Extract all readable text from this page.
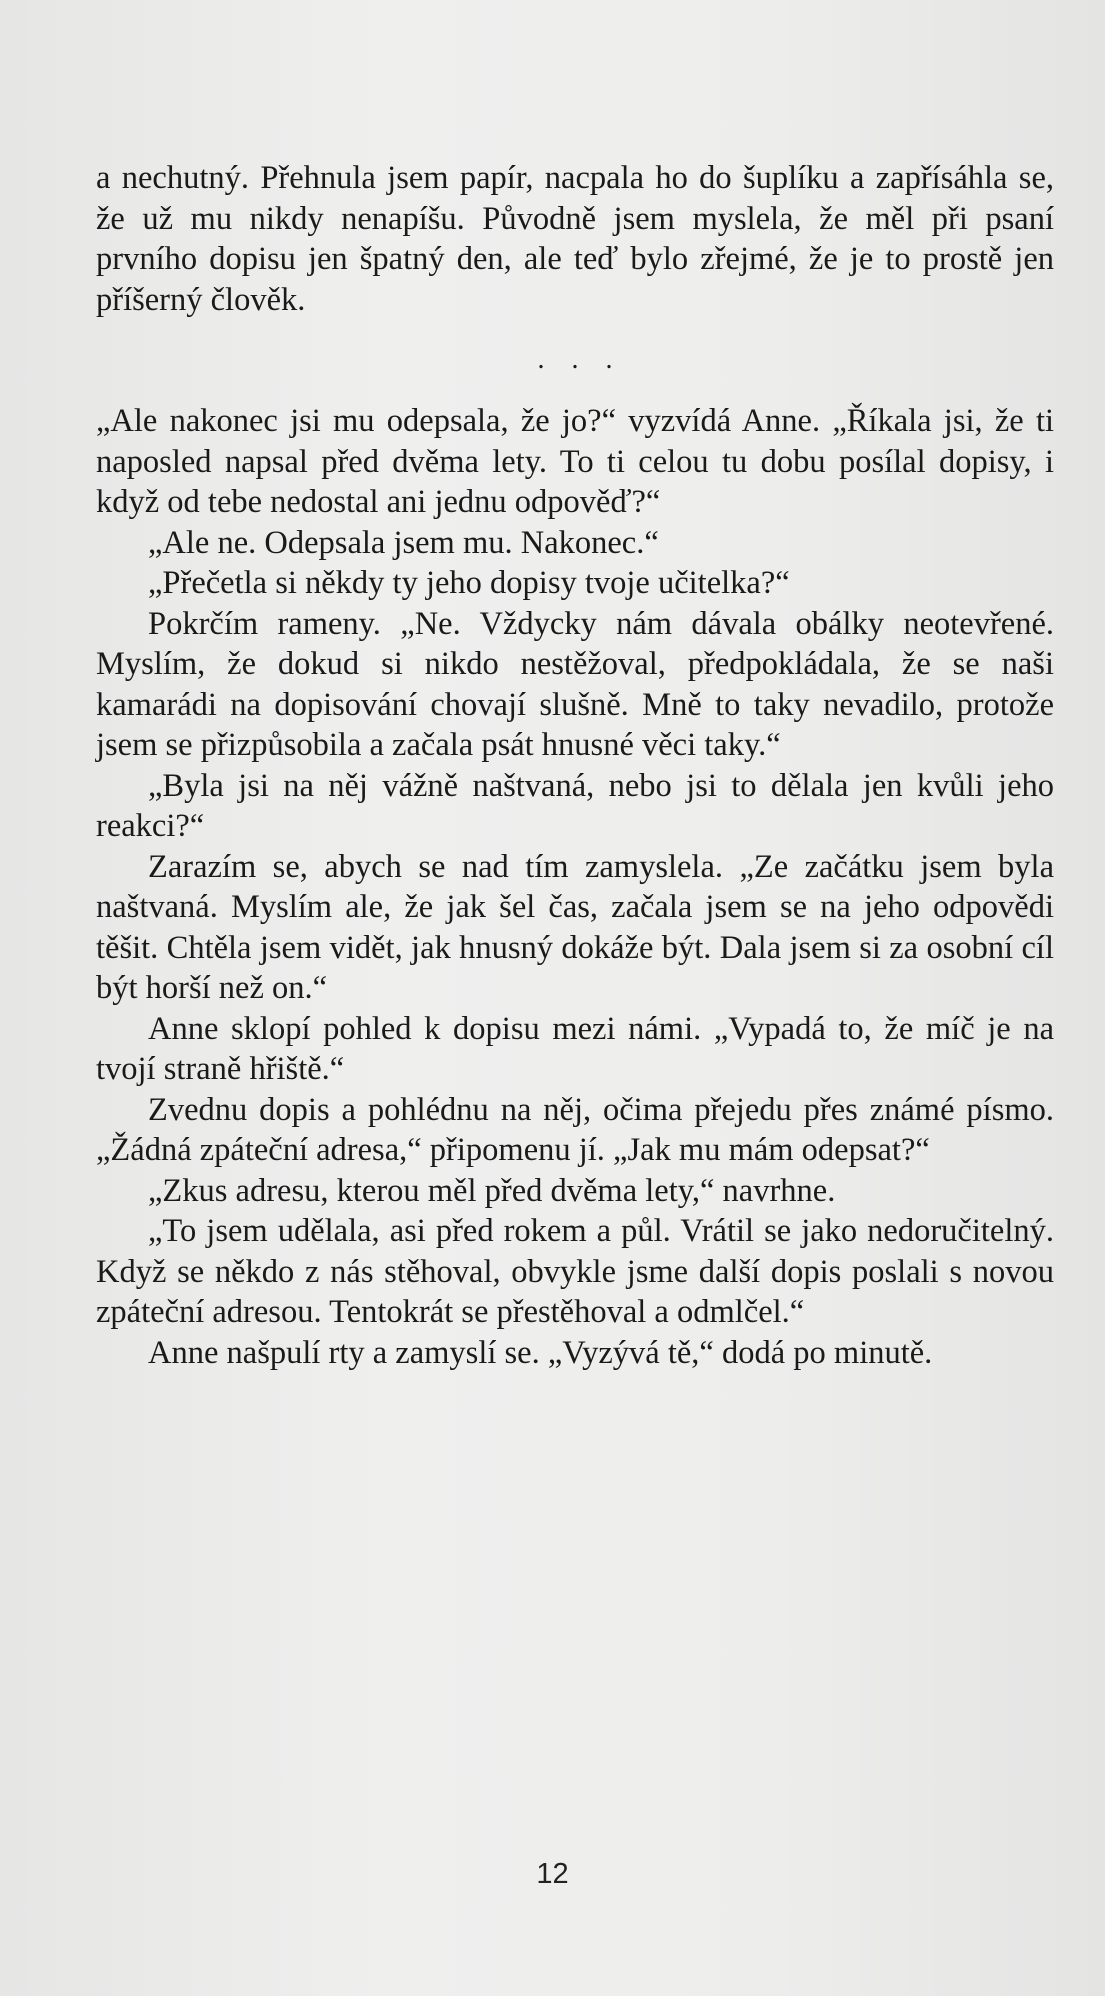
a nechutný. Přehnula jsem papír, nacpala ho do šuplíku a zapřísáhla se, že už mu nikdy nenapíšu. Původně jsem myslela, že měl při psaní prvního dopisu jen špatný den, ale teď bylo zřejmé, že je to prostě jen příšerný člověk.

. . .

„Ale nakonec jsi mu odepsala, že jo?“ vyzvídá Anne. „Říkala jsi, že ti naposled napsal před dvěma lety. To ti celou tu dobu posílal dopisy, i když od tebe nedostal ani jednu odpověď?“

„Ale ne. Odepsala jsem mu. Nakonec.“

„Přečetla si někdy ty jeho dopisy tvoje učitelka?“

Pokrčím rameny. „Ne. Vždycky nám dávala obálky neotevřené. Myslím, že dokud si nikdo nestěžoval, předpokládala, že se naši kamarádi na dopisování chovají slušně. Mně to taky nevadilo, protože jsem se přizpůsobila a začala psát hnusné věci taky.“

„Byla jsi na něj vážně naštvaná, nebo jsi to dělala jen kvůli jeho reakci?“

Zarazím se, abych se nad tím zamyslela. „Ze začátku jsem byla naštvaná. Myslím ale, že jak šel čas, začala jsem se na jeho odpovědi těšit. Chtěla jsem vidět, jak hnusný dokáže být. Dala jsem si za osobní cíl být horší než on.“

Anne sklopí pohled k dopisu mezi námi. „Vypadá to, že míč je na tvojí straně hřiště.“

Zvednu dopis a pohlédnu na něj, očima přejedu přes známé písmo. „Žádná zpáteční adresa,“ připomenu jí. „Jak mu mám odepsat?“

„Zkus adresu, kterou měl před dvěma lety,“ navrhne.

„To jsem udělala, asi před rokem a půl. Vrátil se jako nedoručitelný. Když se někdo z nás stěhoval, obvykle jsme další dopis poslali s novou zpáteční adresou. Tentokrát se přestěhoval a odmlčel.“

Anne našpulí rty a zamyslí se. „Vyzývá tě,“ dodá po minutě.

12
